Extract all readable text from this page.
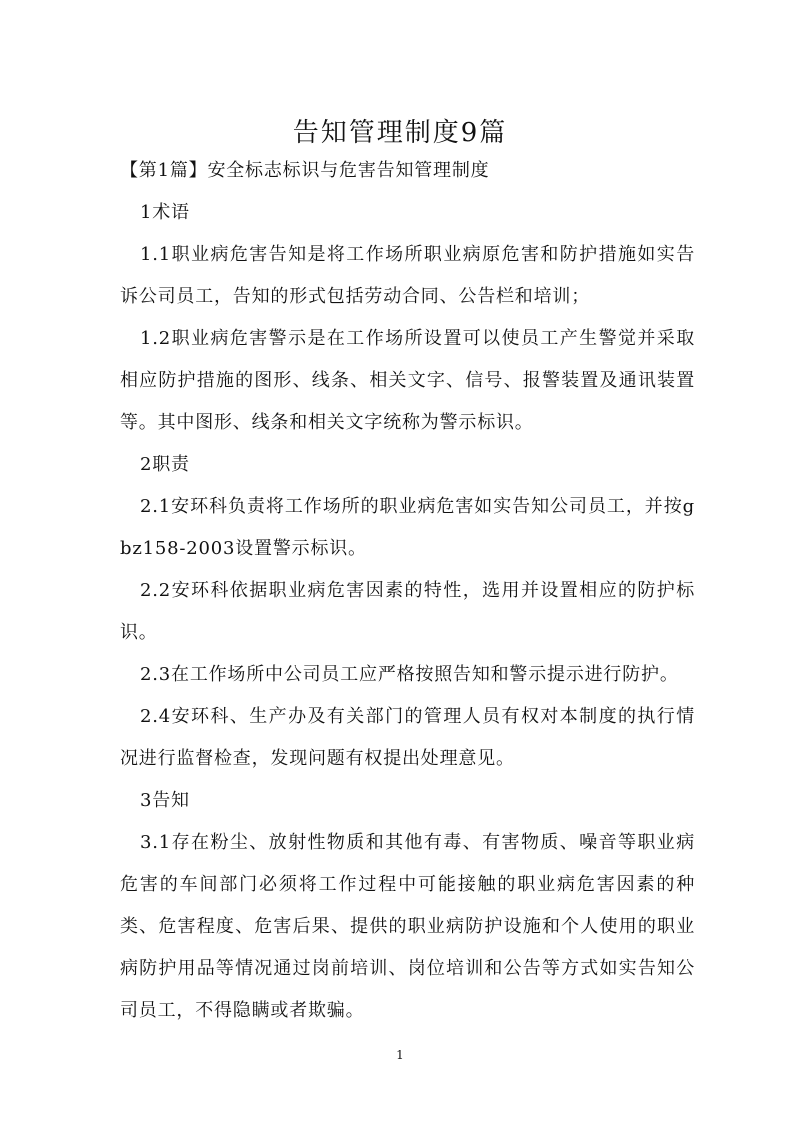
告知管理制度9篇

【第1篇】安全标志标识与危害告知管理制度

1术语

1.1职业病危害告知是将工作场所职业病原危害和防护措施如实告诉公司员工，告知的形式包括劳动合同、公告栏和培训；

1.2职业病危害警示是在工作场所设置可以使员工产生警觉并采取相应防护措施的图形、线条、相关文字、信号、报警装置及通讯装置等。其中图形、线条和相关文字统称为警示标识。

2职责

2.1安环科负责将工作场所的职业病危害如实告知公司员工，并按gbz158-2003设置警示标识。

2.2安环科依据职业病危害因素的特性，选用并设置相应的防护标识。

2.3在工作场所中公司员工应严格按照告知和警示提示进行防护。

2.4安环科、生产办及有关部门的管理人员有权对本制度的执行情况进行监督检查，发现问题有权提出处理意见。

3告知

3.1存在粉尘、放射性物质和其他有毒、有害物质、噪音等职业病危害的车间部门必须将工作过程中可能接触的职业病危害因素的种类、危害程度、危害后果、提供的职业病防护设施和个人使用的职业病防护用品等情况通过岗前培训、岗位培训和公告等方式如实告知公司员工，不得隐瞒或者欺骗。

1
